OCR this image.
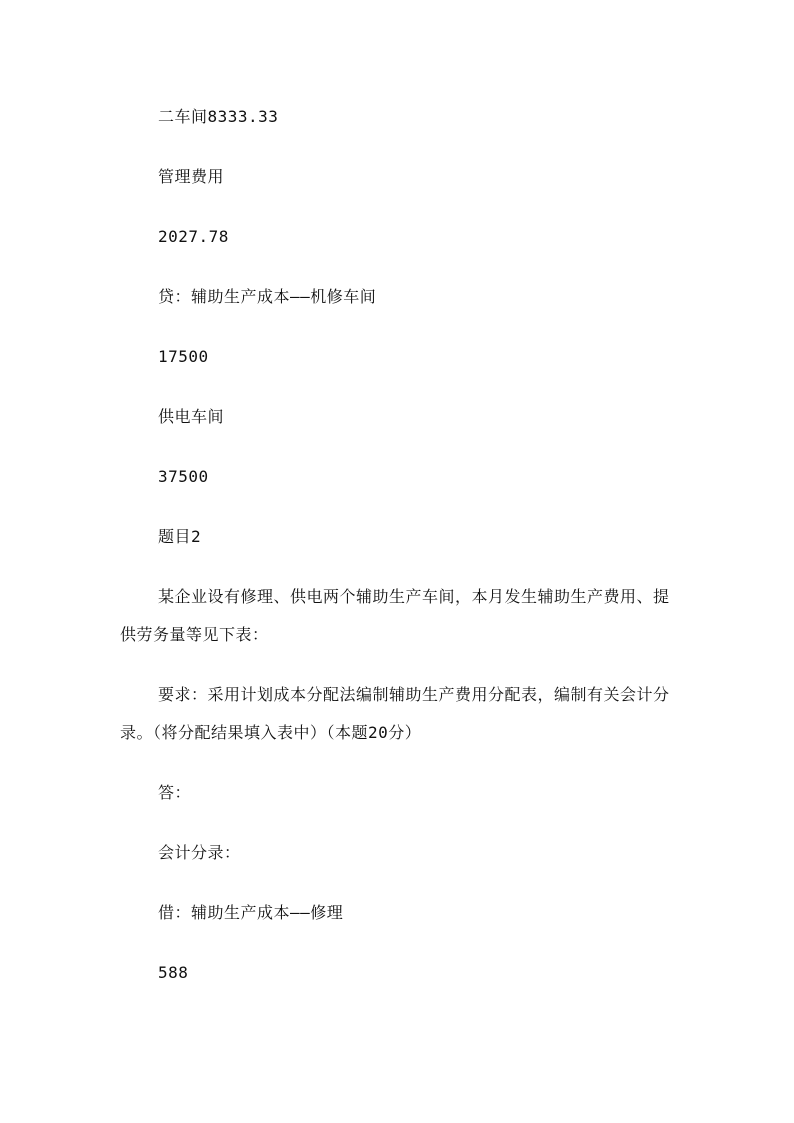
二车间8333.33

管理费用

2027.78

贷：辅助生产成本——机修车间

17500

供电车间

37500

题目2

某企业设有修理、供电两个辅助生产车间，本月发生辅助生产费用、提供劳务量等见下表：

要求：采用计划成本分配法编制辅助生产费用分配表，编制有关会计分录。（将分配结果填入表中）（本题20分）

答：

会计分录：

借：辅助生产成本——修理

588
